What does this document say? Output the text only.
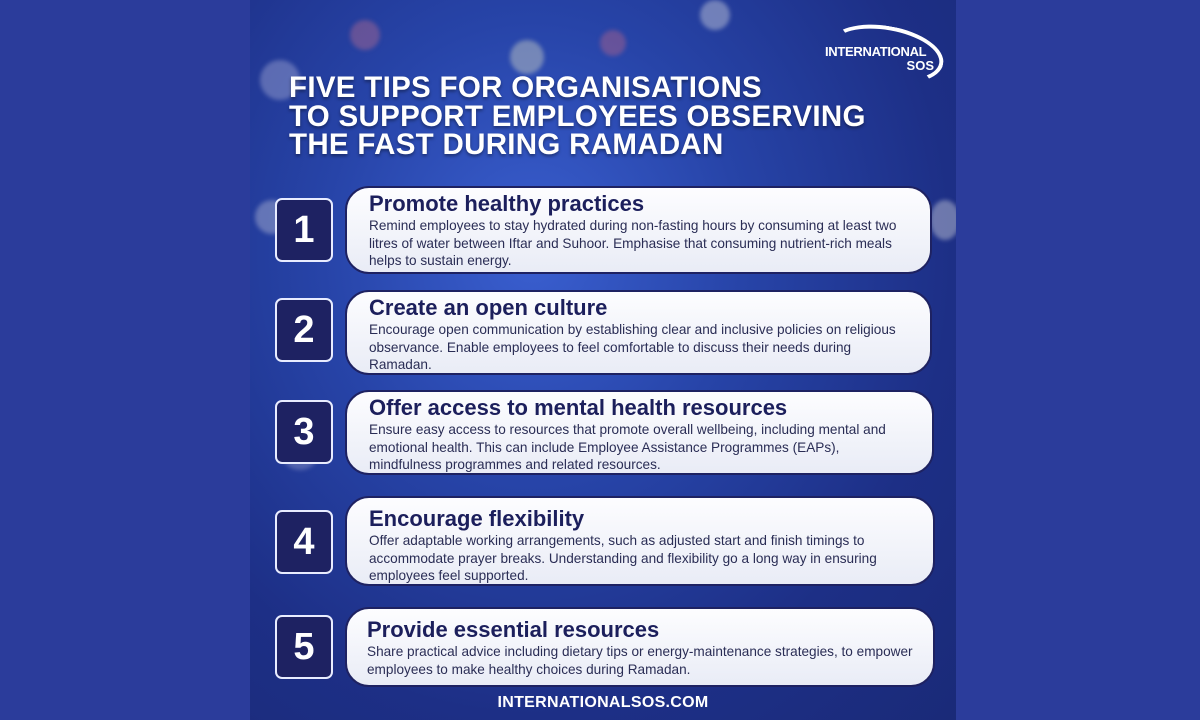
INTERNATIONAL
SOS
FIVE TIPS FOR ORGANISATIONS
TO SUPPORT EMPLOYEES OBSERVING
THE FAST DURING RAMADAN
1
Promote healthy practices

Remind employees to stay hydrated during non-fasting hours by consuming at least two litres of water between Iftar and Suhoor. Emphasise that consuming nutrient-rich meals helps to sustain energy.

2
Create an open culture

Encourage open communication by establishing clear and inclusive policies on religious observance. Enable employees to feel comfortable to discuss their needs during Ramadan.

3
Offer access to mental health resources

Ensure easy access to resources that promote overall wellbeing, including mental and emotional health. This can include Employee Assistance Programmes (EAPs), mindfulness programmes and related resources.

4
Encourage flexibility

Offer adaptable working arrangements, such as adjusted start and finish timings to accommodate prayer breaks. Understanding and flexibility go a long way in ensuring employees feel supported.

5	Provide essential resources

Share practical advice including dietary tips or energy-maintenance strategies, to empower employees to make healthy choices during Ramadan.

INTERNATIONALSOS.COM
